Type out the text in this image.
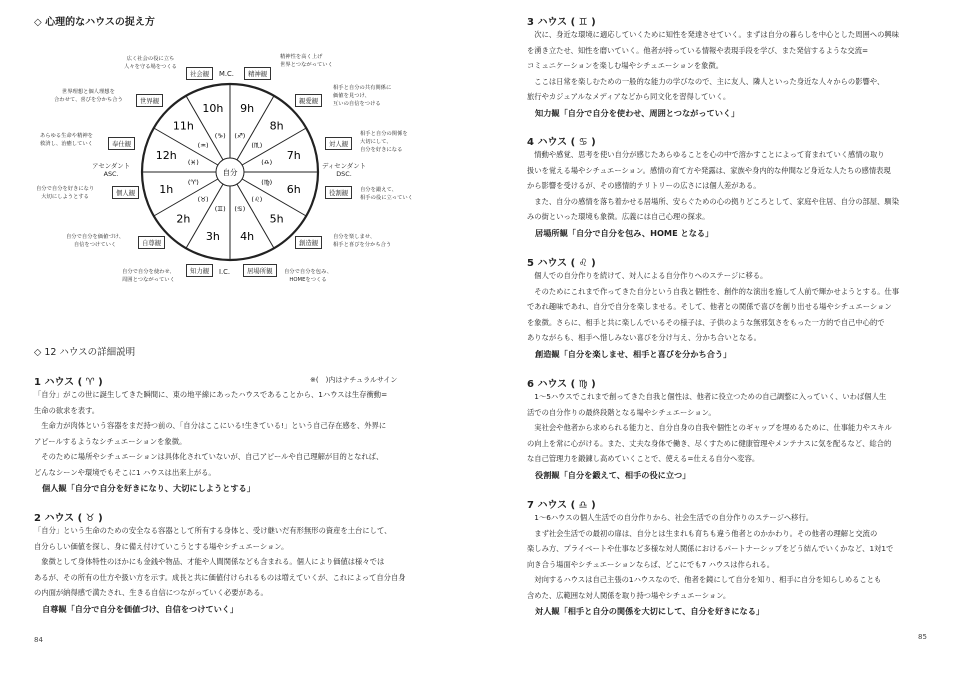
◇ 心理的なハウスの捉え方
自分
1h
(♈)
2h
(♉)
3h
(♊)
4h
(♋)
5h
(♌)
6h
(♍)
7h
(♎)
8h
(♏)
9h
(♐)
10h
(♑)
11h
(♒)
12h
(♓)
M.C.
I.C.
アセンダント
ASC.
ディセンダント
DSC.
個人観
自尊観
知力観	居場所観
創造観
役割観
対人観
親愛観
精神観
社会観
世界観
奉仕観
自分で自分を好きになり
大切にしようとする
自分で自分を価値づけ、
自信をつけていく
自分で自分を使わせ、
周囲とつながっていく
自分で自分を包み、
HOMEをつくる
自分を楽しませ、
相手と喜びを分かち合う
自分を鍛えて、
相手の役に立っていく
相手と自分の関係を
大切にして、
自分を好きになる
相手と自分の共有関係に
価値を見つけ、
互いの自信をつける
精神性を高く上げ
世界とつながっていく
広く社会の役に立ち
人々を守る場をつくる
世界理想と個人理想を
合わせて、喜びを分かち合う
あらゆる生命や精神を
救済し、治癒していく
◇ 12 ハウスの詳細説明
1 ハウス ( ♈ )	※(　)内はナチュラルサイン

「自分」がこの世に誕生してきた瞬間に、東の地平線にあったハウスであることから、1ハウスは生存衝動=

生命の欲求を表す。

　生命力が肉体という容器をまだ持つ前の、「自分はここにいる!生きている!」という自己存在感を、外界に

アピールするようなシチュエーションを象徴。

　そのために場所やシチュエーションは具体化されていないが、自己アピールや自己理解が目的となれば、

どんなシーンや環境でもそこに1 ハウスは出来上がる。

個人観「自分で自分を好きになり、大切にしようとする」

2 ハウス ( ♉ )

「自分」という生命のための安全なる容器として所有する身体と、受け継いだ有形無形の資産を土台にして、

自分らしい価値を探し、身に備え付けていこうとする場やシチュエーション。

　象徴として身体特性のほかにも金銭や物品、才能や人間関係なども含まれる。個人により価値は様々では

あるが、その所有の仕方や扱い方を示す。成長と共に価値付けられるものは増えていくが、これによって自分自身

の内面が納得感で満たされ、生きる自信につながっていく必要がある。

自尊観「自分で自分を価値づけ、自信をつけていく」

84
3 ハウス ( ♊ )

　次に、身近な環境に適応していくために知性を発達させていく。まずは自分の暮らしを中心とした周囲への興味

を湧き立たせ、知性を磨いていく。他者が持っている情報や表現手段を学び、また発信するような交流=

コミュニケーションを楽しむ場やシチュエーションを象徴。

　ここは日常を楽しむための一般的な能力の学びなので、主に友人、隣人といった身近な人々からの影響や、

旅行やカジュアルなメディアなどから同文化を習得していく。

知力観「自分で自分を使わせ、周囲とつながっていく」

4 ハウス ( ♋ )

　情動や感覚、思考を使い自分が感じたあらゆることを心の中で溶かすことによって育まれていく感情の取り

扱いを覚える場やシチュエーション。感情の育て方や発露は、家族や身内的な仲間など身近な人たちの感情表現

から影響を受けるが、その感情的テリトリーの広さには個人差がある。

　また、自分の感情を落ち着かせる居場所、安らぐための心の拠りどころとして、家庭や住居、自分の部屋、馴染

みの街といった環境も象徴。広義には自己心理の探求。

居場所観「自分で自分を包み、HOME となる」

5 ハウス ( ♌ )

　個人での自分作りを続けて、対人による自分作りへのステージに移る。

　そのためにこれまで作ってきた自分という自我と個性を、創作的な演出を施して人前で輝かせようとする。仕事

であれ趣味であれ、自分で自分を楽しませる。そして、他者との関係で喜びを創り出せる場やシチュエーション

を象徴。さらに、相手と共に楽しんでいるその様子は、子供のような無邪気さをもった一方的で自己中心的で

ありながらも、相手へ惜しみない喜びを分け与え、分かち合いとなる。

創造観「自分を楽しませ、相手と喜びを分かち合う」

6 ハウス ( ♍ )

　1〜5ハウスでこれまで創ってきた自我と個性は、他者に役立つための自己調整に入っていく、いわば個人生

活での自分作りの最終段階となる場やシチュエーション。

　実社会や他者から求められる能力と、自分自身の自我や個性とのギャップを埋めるために、仕事能力やスキル

の向上を常に心がける。また、丈夫な身体で働き、尽くすために健康管理やメンテナスに気を配るなど、総合的

な自己管理力を鍛錬し高めていくことで、使える=仕える自分へ変容。

役割観「自分を鍛えて、相手の役に立つ」

7 ハウス ( ♎ )

　1〜6ハウスの個人生活での自分作りから、社会生活での自分作りのステージへ移行。

　まず社会生活での最初の扉は、自分とは生まれも育ちも違う他者とのかかわり。その他者の理解と交流の

楽しみ方、プライベートや仕事など多様な対人関係におけるパートナーシップをどう結んでいくかなど、1対1で

向き合う場面やシチュエーションならば、どこにでも7 ハウスは作られる。

　対向するハウスは自己主張の1ハウスなので、他者を鏡にして自分を知り、相手に自分を知らしめることも

含めた、広範囲な対人関係を取り持つ場やシチュエーション。

対人観「相手と自分の関係を大切にして、自分を好きになる」

85
